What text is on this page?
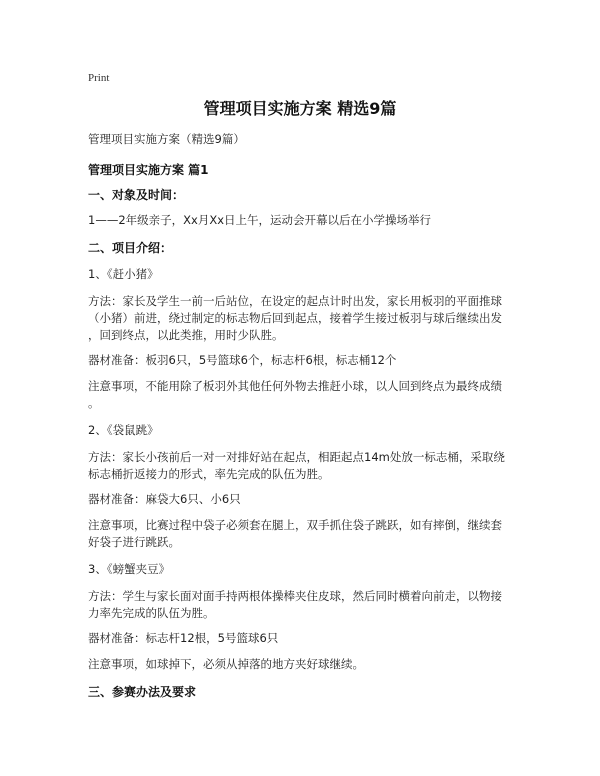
Print
管理项目实施方案 精选9篇
管理项目实施方案（精选9篇）
管理项目实施方案 篇1
一、对象及时间：
1——2年级亲子，Xx月Xx日上午，运动会开幕以后在小学操场举行
二、项目介绍：
1、《赶小猪》
方法：家长及学生一前一后站位，在设定的起点计时出发，家长用板羽的平面推球
（小猪）前进，绕过制定的标志物后回到起点，接着学生接过板羽与球后继续出发
，回到终点，以此类推，用时少队胜。
器材准备：板羽6只，5号篮球6个，标志杆6根，标志桶12个
注意事项，不能用除了板羽外其他任何外物去推赶小球，以人回到终点为最终成绩
。
2、《袋鼠跳》
方法：家长小孩前后一对一对排好站在起点，相距起点14m处放一标志桶，采取绕
标志桶折返接力的形式，率先完成的队伍为胜。
器材准备：麻袋大6只、小6只
注意事项，比赛过程中袋子必须套在腿上，双手抓住袋子跳跃，如有摔倒，继续套
好袋子进行跳跃。
3、《螃蟹夹豆》
方法：学生与家长面对面手持两根体操棒夹住皮球，然后同时横着向前走，以物接
力率先完成的队伍为胜。
器材准备：标志杆12根，5号篮球6只
注意事项，如球掉下，必须从掉落的地方夹好球继续。
三、参赛办法及要求
